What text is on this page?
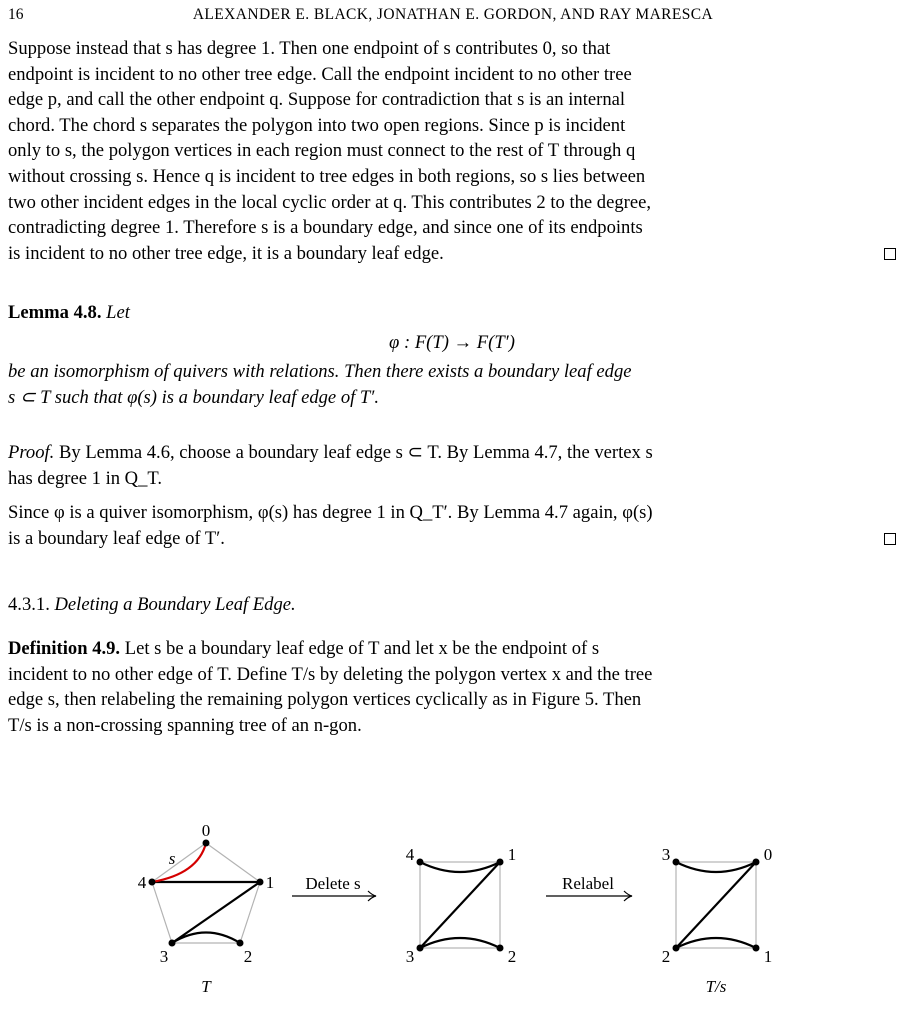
16	ALEXANDER E. BLACK, JONATHAN E. GORDON, AND RAY MARESCA
Suppose instead that s has degree 1. Then one endpoint of s contributes 0, so that
endpoint is incident to no other tree edge. Call the endpoint incident to no other tree
edge p, and call the other endpoint q. Suppose for contradiction that s is an internal
chord. The chord s separates the polygon into two open regions. Since p is incident
only to s, the polygon vertices in each region must connect to the rest of T through q
without crossing s. Hence q is incident to tree edges in both regions, so s lies between
two other incident edges in the local cyclic order at q. This contributes 2 to the degree,
contradicting degree 1. Therefore s is a boundary edge, and since one of its endpoints
is incident to no other tree edge, it is a boundary leaf edge.
Lemma 4.8. Let
φ : F(T) → F(T′)
be an isomorphism of quivers with relations. Then there exists a boundary leaf edge
s ⊂ T such that φ(s) is a boundary leaf edge of T′.
Proof. By Lemma 4.6, choose a boundary leaf edge s ⊂ T. By Lemma 4.7, the vertex s
has degree 1 in Q_T.
Since φ is a quiver isomorphism, φ(s) has degree 1 in Q_T′. By Lemma 4.7 again, φ(s)
is a boundary leaf edge of T′.
4.3.1. Deleting a Boundary Leaf Edge.
Definition 4.9. Let s be a boundary leaf edge of T and let x be the endpoint of s
incident to no other edge of T. Define T/s by deleting the polygon vertex x and the tree
edge s, then relabeling the remaining polygon vertices cyclically as in Figure 5. Then
T/s is a non-crossing spanning tree of an n-gon.
0
1
2
3
4
s
T
Delete s
4	1
2
3
Relabel
3	0
1
2
T/s
